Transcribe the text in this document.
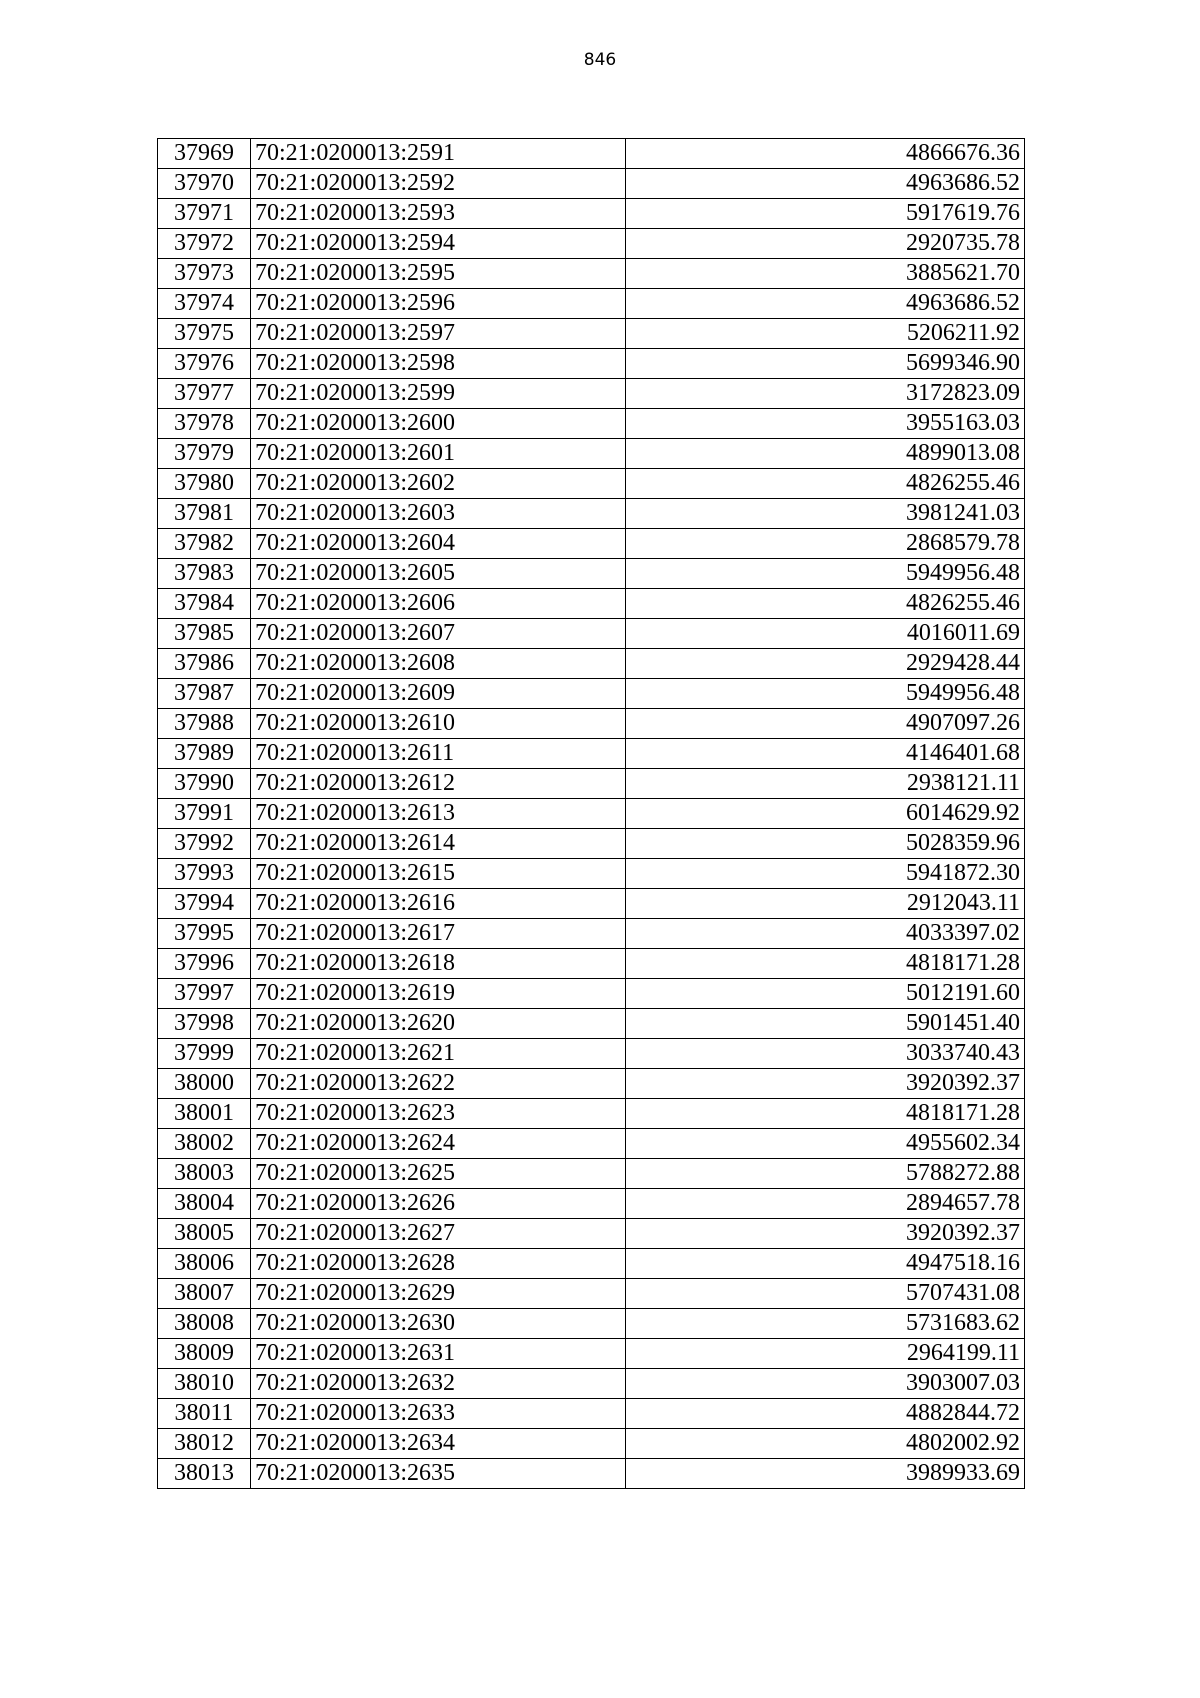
846
37969	70:21:0200013:2591	4866676.36
37970	70:21:0200013:2592	4963686.52
37971	70:21:0200013:2593	5917619.76
37972	70:21:0200013:2594	2920735.78
37973	70:21:0200013:2595	3885621.70
37974	70:21:0200013:2596	4963686.52
37975	70:21:0200013:2597	5206211.92
37976	70:21:0200013:2598	5699346.90
37977	70:21:0200013:2599	3172823.09
37978	70:21:0200013:2600	3955163.03
37979	70:21:0200013:2601	4899013.08
37980	70:21:0200013:2602	4826255.46
37981	70:21:0200013:2603	3981241.03
37982	70:21:0200013:2604	2868579.78
37983	70:21:0200013:2605	5949956.48
37984	70:21:0200013:2606	4826255.46
37985	70:21:0200013:2607	4016011.69
37986	70:21:0200013:2608	2929428.44
37987	70:21:0200013:2609	5949956.48
37988	70:21:0200013:2610	4907097.26
37989	70:21:0200013:2611	4146401.68
37990	70:21:0200013:2612	2938121.11
37991	70:21:0200013:2613	6014629.92
37992	70:21:0200013:2614	5028359.96
37993	70:21:0200013:2615	5941872.30
37994	70:21:0200013:2616	2912043.11
37995	70:21:0200013:2617	4033397.02
37996	70:21:0200013:2618	4818171.28
37997	70:21:0200013:2619	5012191.60
37998	70:21:0200013:2620	5901451.40
37999	70:21:0200013:2621	3033740.43
38000	70:21:0200013:2622	3920392.37
38001	70:21:0200013:2623	4818171.28
38002	70:21:0200013:2624	4955602.34
38003	70:21:0200013:2625	5788272.88
38004	70:21:0200013:2626	2894657.78
38005	70:21:0200013:2627	3920392.37
38006	70:21:0200013:2628	4947518.16
38007	70:21:0200013:2629	5707431.08
38008	70:21:0200013:2630	5731683.62
38009	70:21:0200013:2631	2964199.11
38010	70:21:0200013:2632	3903007.03
38011	70:21:0200013:2633	4882844.72
38012	70:21:0200013:2634	4802002.92
38013	70:21:0200013:2635	3989933.69
